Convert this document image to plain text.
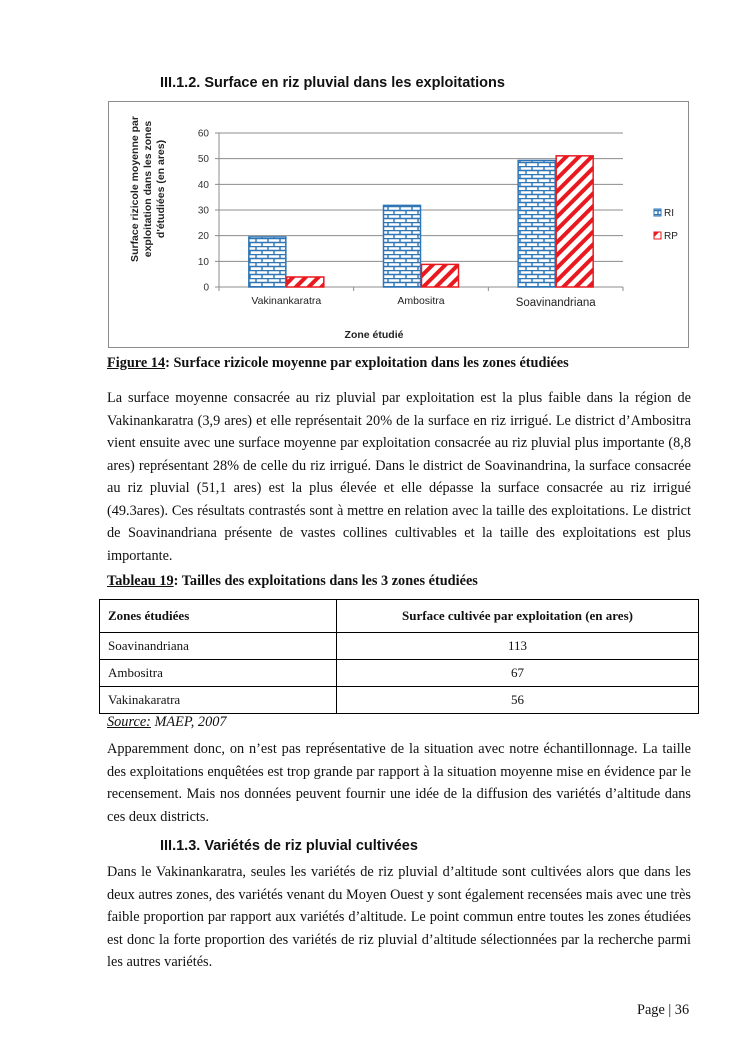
III.1.2. Surface en riz pluvial dans les exploitations
Surface rizicole moyenne par exploitation dans les zones d'étudiées (en ares)
0
10
20
30
40
50
60
Vakinankaratra	Ambositra	Soavinandriana
Zone étudié
RI
RP
Figure 14: Surface rizicole moyenne par exploitation dans les zones étudiées
La surface moyenne consacrée au riz pluvial par exploitation est la plus faible dans la région de Vakinankaratra (3,9 ares) et elle représentait 20% de la surface en riz irrigué. Le district d’Ambositra vient ensuite avec une surface moyenne par exploitation consacrée au riz pluvial plus importante (8,8 ares) représentant 28% de celle du riz irrigué. Dans le district de Soavinandrina, la surface consacrée au riz pluvial (51,1 ares) est la plus élevée et elle dépasse la surface consacrée au riz irrigué (49.3ares). Ces résultats contrastés sont à mettre en relation avec la taille des exploitations. Le district de Soavinandriana présente de vastes collines cultivables et la taille des exploitations est plus importante.
Tableau 19: Tailles des exploitations dans les 3 zones étudiées
Zones étudiées	Surface cultivée par exploitation (en ares)
Soavinandriana	113
Ambositra	67
Vakinakaratra	56
Source: MAEP, 2007
Apparemment donc, on n’est pas représentative de la situation avec notre échantillonnage. La taille des exploitations enquêtées est trop grande par rapport à la situation moyenne mise en évidence par le recensement. Mais nos données peuvent fournir une idée de la diffusion des variétés d’altitude dans ces deux districts.
III.1.3. Variétés de riz pluvial cultivées
Dans le Vakinankaratra, seules les variétés de riz pluvial d’altitude sont cultivées alors que dans les deux autres zones, des variétés venant du Moyen Ouest y sont également recensées mais avec une très faible proportion par rapport aux variétés d’altitude. Le point commun entre toutes les zones étudiées est donc la forte proportion des variétés de riz pluvial d’altitude sélectionnées par la recherche parmi les autres variétés.
Page | 36
